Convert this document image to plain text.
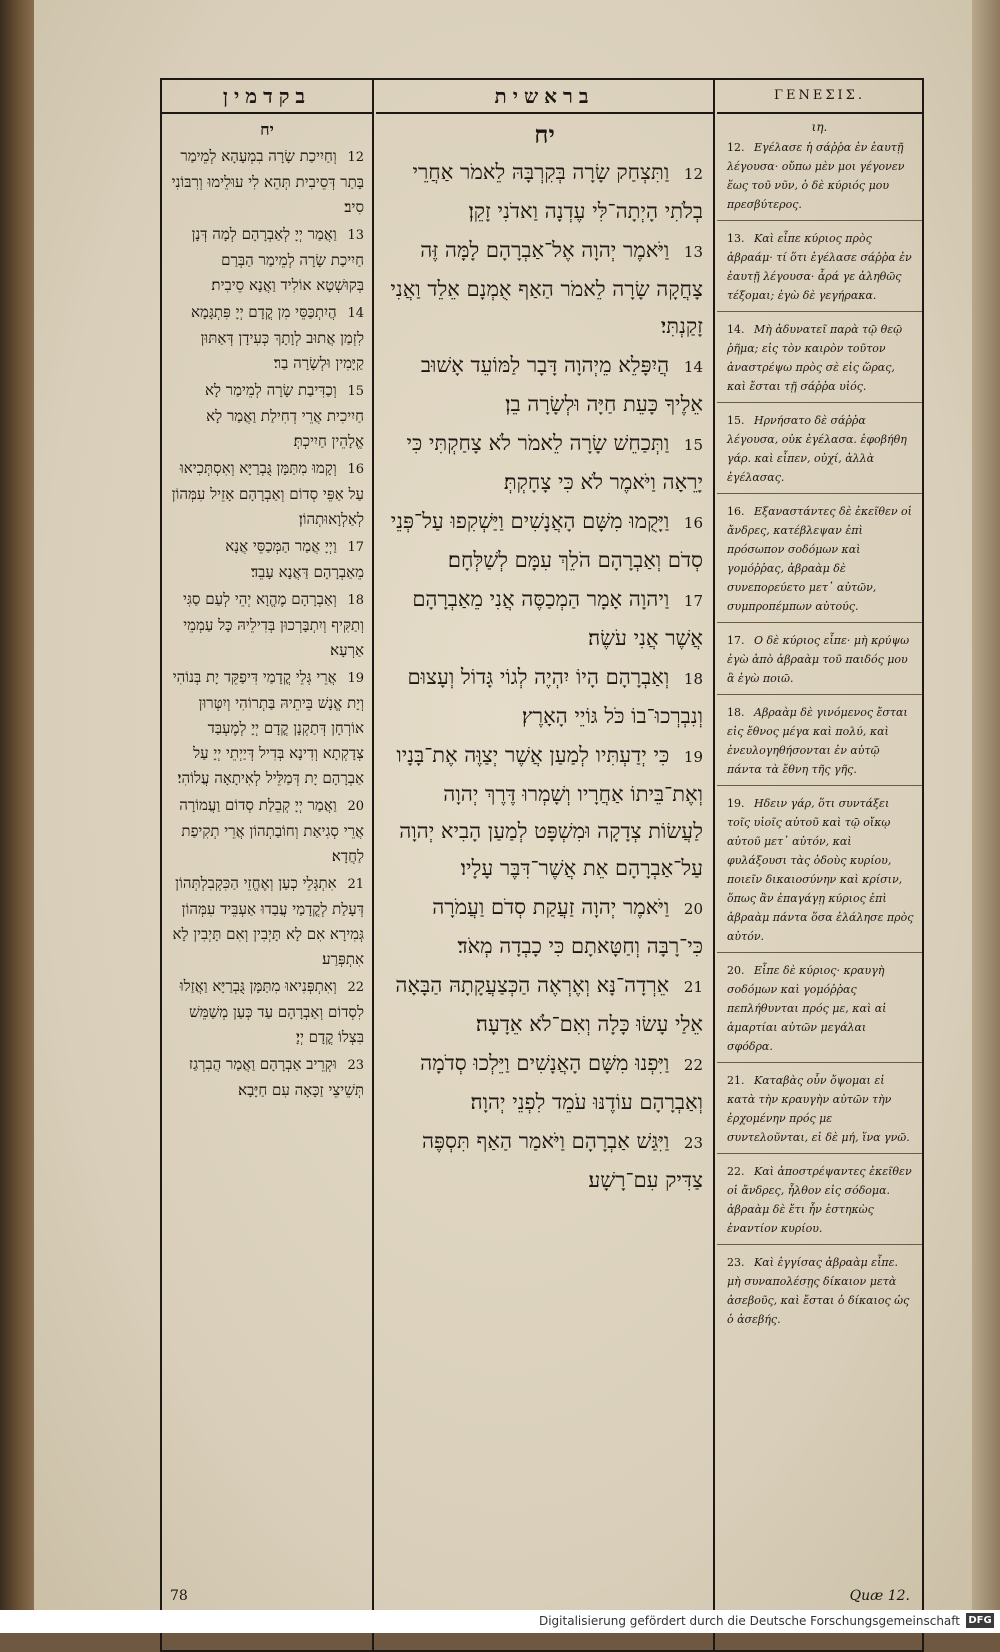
בקדמין
יח
12 וְחַיִיכַת שָׂרָה בִמְעָהָא לְמֵימַר בָּתַר דְּסֵיבִית תְּהֵא לִי עוּלֵימוּ וְרִבּוֹנִי סִיב׃
13 וַאֲמַר יְיָ לְאַבְרָהָם לְמָה דְּנָן חַיִיכַת שָׂרָה לְמֵימַר הַבְּרַם בְּקוּשְׁטָא אוֹלִיד וַאֲנָא סֵיבִית׃
14 הֲיִתְכַּסֵּי מִן קֳדָם יְיָ פִּתְגָּמָא לִזְמַן אֲתוּב לְוָתָךְ כְּעִידָן דְּאַתּוּן קַיָּמִין וּלְשָׂרָה בַר׃
15 וְכַדִּיבַת שָׂרָה לְמֵימַר לָא חַיִיכִית אֲרֵי דְחִילַת וַאֲמַר לָא אֱלָהֵין חַיִיכְתְּ׃
16 וְקָמוּ מִתַּמָּן גֻּבְרַיָּא וְאִסְתְּכִיאוּ עַל אַפֵּי סְדוֹם וְאַבְרָהָם אָזֵיל עִמְּהוֹן לְאַלְוָאוּתְהוֹן׃
17 וַיְיָ אֲמַר הַמְּכַסֵּי אֲנָא מֵאַבְרָהָם דַּאֲנָא עָבֵד׃
18 וְאַבְרָהָם מֶהֱוָא יְהֵי לְעַם סַגִּי וְתַקִּיף וְיִתְבָּרְכוּן בְּדִילֵיהּ כָּל עַמְמֵי אַרְעָא׃
19 אֲרֵי גְּלֵי קֳדָמַי דִּיפַקֵּד יָת בְּנוֹהִי וְיָת אֱנָשׁ בֵּיתֵיהּ בַּתְרוֹהִי וְיִטְּרוּן אוֹרְחָן דְּתַקְנָן קֳדָם יְיָ לְמֶעְבַּד צְדָקְתָא וְדִינָא בְּדִיל דְּיַיְתֵי יְיָ עַל אַבְרָהָם יָת דְּמַלֵּיל לְאִיתָאָה עֲלוֹהִי׃
20 וַאֲמַר יְיָ קְבֵלַת סְדוֹם וַעֲמוֹרָה אֲרֵי סְגִיאַת וְחוֹבַתְהוֹן אֲרֵי תְקִיפַת לַחֲדָא׃
21 אִתְגְּלֵי כְעַן וְאֶחֱזֵי הַכִּקְבִלְתְּהוֹן דְּעָלַת לְקֳדָמַי עֲבַדוּ אַעְבֵּיד עִמְּהוֹן גְּמִירָא אִם לָא תָּיְבִין וְאִם תָּיְבִין לָא אִתְפְּרַע׃
22 וְאִתְפְּנִיאוּ מִתַּמָּן גֻּבְרַיָּא וַאֲזַלוּ לִסְדוֹם וְאַבְרָהָם עַד כְּעַן מְשַׁמֵּשׁ בִּצְלוֹ קֳדָם יְיָ׃
23 וּקְרֵיב אַבְרָהָם וַאֲמַר הֲבִרְגַז תְּשֵׁיצֵי זַכָּאָה עִם חַיָּבָא׃
בראשית
יח
12 וַתִּצְחַק שָׂרָה בְּקִרְבָּהּ לֵאמֹר אַחֲרֵי בְלֹתִי הָיְתָה־לִּי עֶדְנָה וַאדֹנִי זָקֵן׃
13 וַיֹּאמֶר יְהוָה אֶל־אַבְרָהָם לָמָּה זֶּה צָחֲקָה שָׂרָה לֵאמֹר הַאַף אֻמְנָם אֵלֵד וַאֲנִי זָקַנְתִּי׃
14 הֲיִפָּלֵא מֵיְהוָה דָּבָר לַמּוֹעֵד אָשׁוּב אֵלֶיךָ כָּעֵת חַיָּה וּלְשָׂרָה בֵן׃
15 וַתְּכַחֵשׁ שָׂרָה לֵאמֹר לֹא צָחַקְתִּי כִּי יָרֵאָה וַיֹּאמֶר לֹא כִּי צָחָקְתְּ׃
16 וַיָּקֻמוּ מִשָּׁם הָאֲנָשִׁים וַיַּשְׁקִפוּ עַל־פְּנֵי סְדֹם וְאַבְרָהָם הֹלֵךְ עִמָּם לְשַׁלְּחָם׃
17 וַיהוָה אָמָר הַמְכַסֶּה אֲנִי מֵאַבְרָהָם אֲשֶׁר אֲנִי עֹשֶׂה׃
18 וְאַבְרָהָם הָיוֹ יִהְיֶה לְגוֹי גָּדוֹל וְעָצוּם וְנִבְרְכוּ־בוֹ כֹּל גּוֹיֵי הָאָרֶץ׃
19 כִּי יְדַעְתִּיו לְמַעַן אֲשֶׁר יְצַוֶּה אֶת־בָּנָיו וְאֶת־בֵּיתוֹ אַחֲרָיו וְשָׁמְרוּ דֶּרֶךְ יְהוָה לַעֲשׂוֹת צְדָקָה וּמִשְׁפָּט לְמַעַן הָבִיא יְהוָה עַל־אַבְרָהָם אֵת אֲשֶׁר־דִּבֶּר עָלָיו׃
20 וַיֹּאמֶר יְהוָה זַעֲקַת סְדֹם וַעֲמֹרָה כִּי־רָבָּה וְחַטָּאתָם כִּי כָבְדָה מְאֹד׃
21 אֵרְדָה־נָּא וְאֶרְאֶה הַכְּצַעֲקָתָהּ הַבָּאָה אֵלַי עָשׂוּ כָּלָה וְאִם־לֹא אֵדָעָה׃
22 וַיִּפְנוּ מִשָּׁם הָאֲנָשִׁים וַיֵּלְכוּ סְדֹמָה וְאַבְרָהָם עוֹדֶנּוּ עֹמֵד לִפְנֵי יְהוָה׃
23 וַיִּגַּשׁ אַבְרָהָם וַיֹּאמַר הַאַף תִּסְפֶּה צַדִּיק עִם־רָשָׁע׃
ΓΕΝΕΣΙΣ.
ιη.
12. Εγέλασε ἡ σάῤῥα ἐν ἑαυτῇ λέγουσα· οὔπω μὲν μοι γέγονεν ἕως τοῦ νῦν, ὁ δὲ κύριός μου πρεσβύτερος.
13. Καὶ εἶπε κύριος πρὸς ἀβραάμ· τί ὅτι ἐγέλασε σάῤῥα ἐν ἑαυτῇ λέγουσα· ἆρά γε ἀληθῶς τέξομαι; ἐγὼ δὲ γεγήρακα.
14. Μὴ ἀδυνατεῖ παρὰ τῷ θεῷ ῥῆμα; εἰς τὸν καιρὸν τοῦτον ἀναστρέψω πρὸς σὲ εἰς ὥρας, καὶ ἔσται τῇ σάῤῥα υἱός.
15. Ηρνήσατο δὲ σάῤῥα λέγουσα, οὐκ ἐγέλασα. ἐφοβήθη γάρ. καὶ εἶπεν, οὐχί, ἀλλὰ ἐγέλασας.
16. Εξαναστάντες δὲ ἐκεῖθεν οἱ ἄνδρες, κατέβλεψαν ἐπὶ πρόσωπον σοδόμων καὶ γομόῤῥας, ἀβραὰμ δὲ συνεπορεύετο μετ᾽ αὐτῶν, συμπροπέμπων αὐτούς.
17. Ο δὲ κύριος εἶπε· μὴ κρύψω ἐγὼ ἀπὸ ἀβραὰμ τοῦ παιδός μου ἃ ἐγὼ ποιῶ.
18. Αβραὰμ δὲ γινόμενος ἔσται εἰς ἔθνος μέγα καὶ πολύ, καὶ ἐνευλογηθήσονται ἐν αὐτῷ πάντα τὰ ἔθνη τῆς γῆς.
19. Ηδειν γάρ, ὅτι συντάξει τοῖς υἱοῖς αὐτοῦ καὶ τῷ οἴκῳ αὐτοῦ μετ᾽ αὐτόν, καὶ φυλάξουσι τὰς ὁδοὺς κυρίου, ποιεῖν δικαιοσύνην καὶ κρίσιν, ὅπως ἂν ἐπαγάγῃ κύριος ἐπὶ ἀβραὰμ πάντα ὅσα ἐλάλησε πρὸς αὐτόν.
20. Εἶπε δὲ κύριος· κραυγὴ σοδόμων καὶ γομόῤῥας πεπλήθυνται πρός με, καὶ αἱ ἁμαρτίαι αὐτῶν μεγάλαι σφόδρα.
21. Καταβὰς οὖν ὄψομαι εἰ κατὰ τὴν κραυγὴν αὐτῶν τὴν ἐρχομένην πρός με συντελοῦνται, εἰ δὲ μή, ἵνα γνῶ.
22. Καὶ ἀποστρέψαντες ἐκεῖθεν οἱ ἄνδρες, ἦλθον εἰς σόδομα. ἀβραὰμ δὲ ἔτι ἦν ἑστηκὼς ἐναντίον κυρίου.
23. Καὶ ἐγγίσας ἀβραὰμ εἶπε. μὴ συναπολέσῃς δίκαιον μετὰ ἀσεβοῦς, καὶ ἔσται ὁ δίκαιος ὡς ὁ ἀσεβής.
78	Quæ 12.
Digitalisierung gefördert durch die Deutsche Forschungsgemeinschaft DFG
